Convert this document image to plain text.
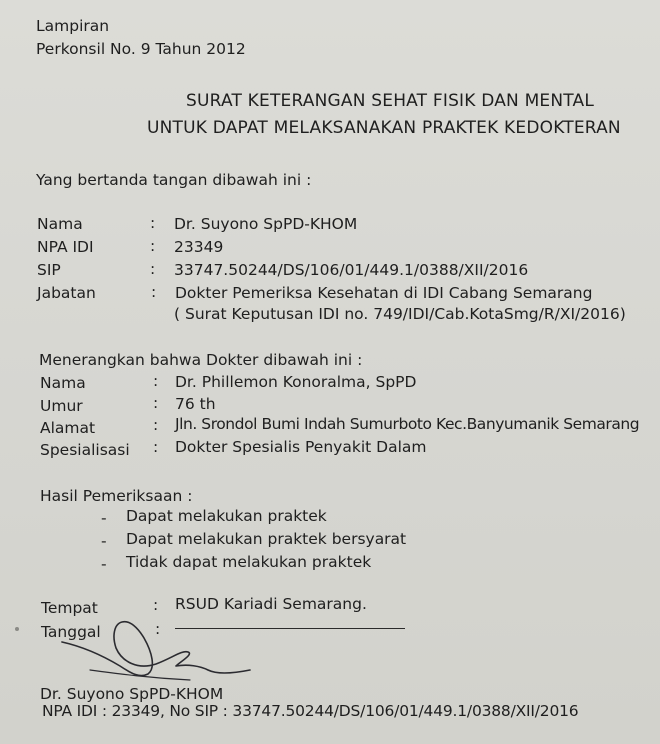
Lampiran
Perkonsil No. 9 Tahun 2012
SURAT KETERANGAN SEHAT FISIK DAN MENTAL
UNTUK DAPAT MELAKSANAKAN PRAKTEK KEDOKTERAN
Yang bertanda tangan dibawah ini :
Nama	: Dr. Suyono SpPD-KHOM
NPA IDI	: 23349
SIP	: 33747.50244/DS/106/01/449.1/0388/XII/2016
Jabatan	: Dokter Pemeriksa Kesehatan di IDI Cabang Semarang
( Surat Keputusan IDI no. 749/IDI/Cab.KotaSmg/R/XI/2016)
Menerangkan bahwa Dokter dibawah ini :
Nama	: Dr. Phillemon Konoralma, SpPD
Umur	: 76 th
Alamat	: Jln. Srondol Bumi Indah Sumurboto Kec.Banyumanik Semarang
Spesialisasi : Dokter Spesialis Penyakit Dalam
Hasil Pemeriksaan :
- Dapat melakukan praktek
- Dapat melakukan praktek bersyarat
- Tidak dapat melakukan praktek
Tempat	: RSUD Kariadi Semarang.
Tanggal	:
Dr. Suyono SpPD-KHOM
NPA IDI : 23349, No SIP : 33747.50244/DS/106/01/449.1/0388/XII/2016
